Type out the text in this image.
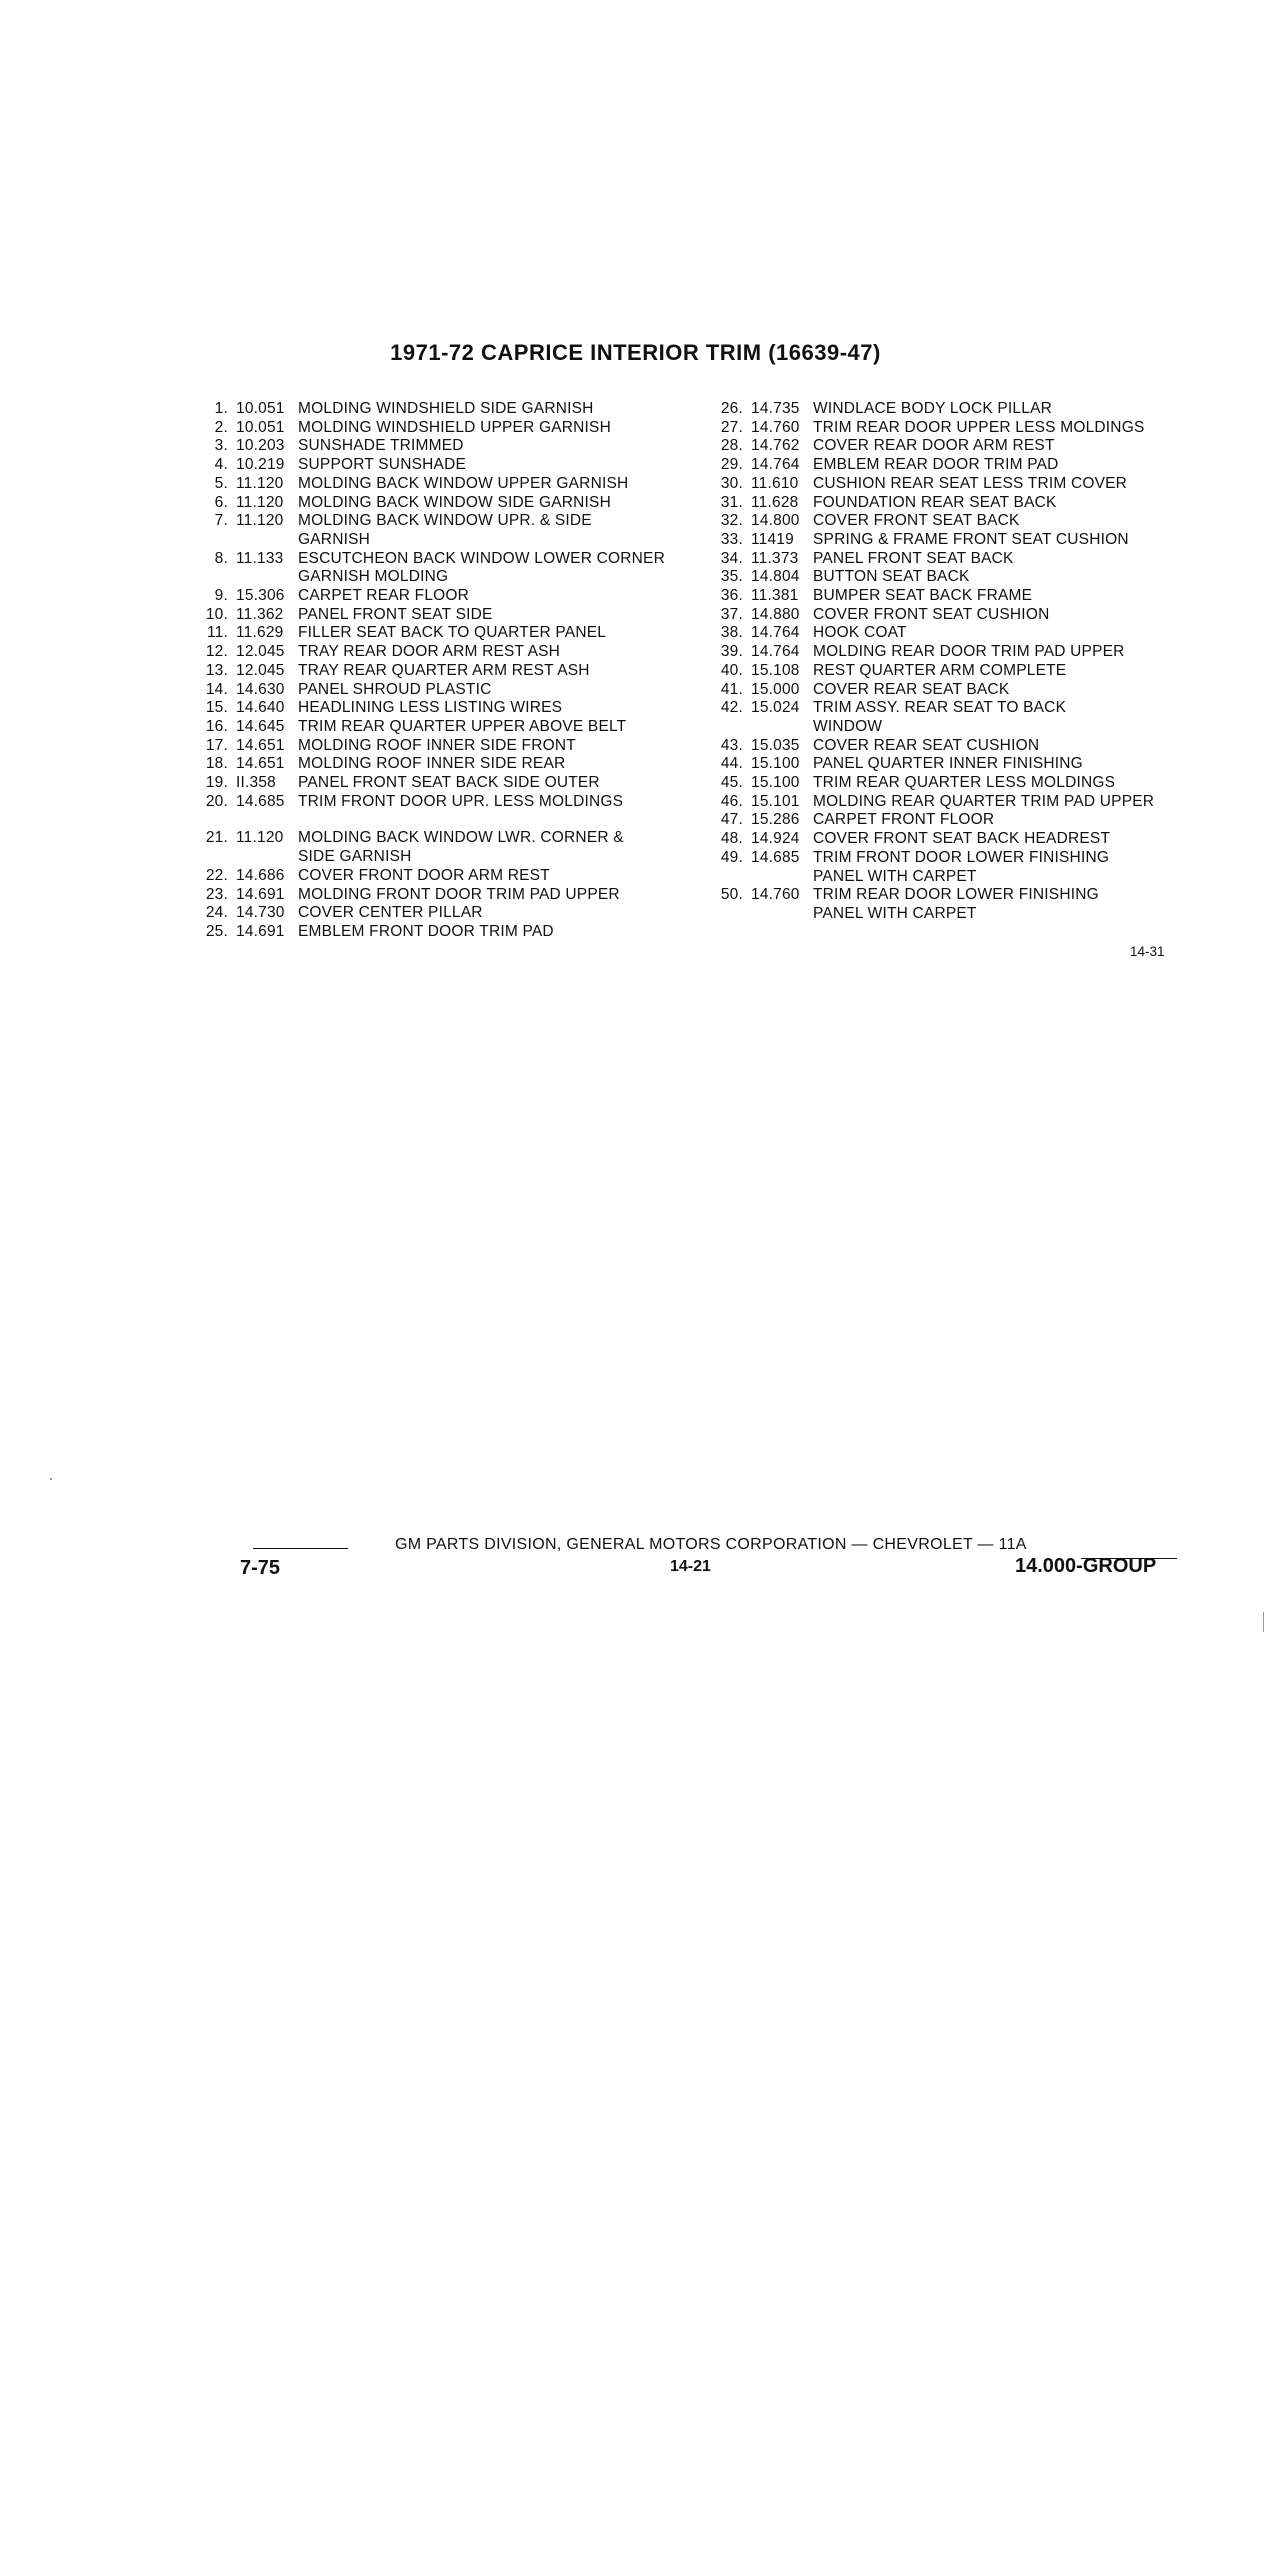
1971-72 CAPRICE INTERIOR TRIM (16639-47)
1. 10.051 MOLDING WINDSHIELD SIDE GARNISH
2. 10.051 MOLDING WINDSHIELD UPPER GARNISH
3. 10.203 SUNSHADE TRIMMED
4. 10.219 SUPPORT SUNSHADE
5. 11.120 MOLDING BACK WINDOW UPPER GARNISH
6. 11.120 MOLDING BACK WINDOW SIDE GARNISH
7. 11.120 MOLDING BACK WINDOW UPR. & SIDE
GARNISH
8. 11.133 ESCUTCHEON BACK WINDOW LOWER CORNER
GARNISH MOLDING
9. 15.306 CARPET REAR FLOOR
10. 11.362 PANEL FRONT SEAT SIDE
11. 11.629 FILLER SEAT BACK TO QUARTER PANEL
12. 12.045 TRAY REAR DOOR ARM REST ASH
13. 12.045 TRAY REAR QUARTER ARM REST ASH
14. 14.630 PANEL SHROUD PLASTIC
15. 14.640 HEADLINING LESS LISTING WIRES
16. 14.645 TRIM REAR QUARTER UPPER ABOVE BELT
17. 14.651 MOLDING ROOF INNER SIDE FRONT
18. 14.651 MOLDING ROOF INNER SIDE REAR
19. II.358	PANEL FRONT SEAT BACK SIDE OUTER
20. 14.685 TRIM FRONT DOOR UPR. LESS MOLDINGS
21. 11.120 MOLDING BACK WINDOW LWR. CORNER &
SIDE GARNISH
22. 14.686 COVER FRONT DOOR ARM REST
23. 14.691 MOLDING FRONT DOOR TRIM PAD UPPER
24. 14.730 COVER CENTER PILLAR
25. 14.691 EMBLEM FRONT DOOR TRIM PAD
26. 14.735 WINDLACE BODY LOCK PILLAR
27. 14.760 TRIM REAR DOOR UPPER LESS MOLDINGS
28. 14.762 COVER REAR DOOR ARM REST
29. 14.764 EMBLEM REAR DOOR TRIM PAD
30. 11.610 CUSHION REAR SEAT LESS TRIM COVER
31. 11.628 FOUNDATION REAR SEAT BACK
32. 14.800 COVER FRONT SEAT BACK
33. 11419	SPRING & FRAME FRONT SEAT CUSHION
34. 11.373 PANEL FRONT SEAT BACK
35. 14.804 BUTTON SEAT BACK
36. 11.381 BUMPER SEAT BACK FRAME
37. 14.880 COVER FRONT SEAT CUSHION
38. 14.764 HOOK COAT
39. 14.764 MOLDING REAR DOOR TRIM PAD UPPER
40. 15.108 REST QUARTER ARM COMPLETE
41. 15.000 COVER REAR SEAT BACK
42. 15.024 TRIM ASSY. REAR SEAT TO BACK
WINDOW
43. 15.035 COVER REAR SEAT CUSHION
44. 15.100 PANEL QUARTER INNER FINISHING
45. 15.100 TRIM REAR QUARTER LESS MOLDINGS
46. 15.101 MOLDING REAR QUARTER TRIM PAD UPPER
47. 15.286 CARPET FRONT FLOOR
48. 14.924 COVER FRONT SEAT BACK HEADREST
49. 14.685 TRIM FRONT DOOR LOWER FINISHING
PANEL WITH CARPET
50. 14.760 TRIM REAR DOOR LOWER FINISHING
PANEL WITH CARPET
14-31
7-75
GM PARTS DIVISION, GENERAL MOTORS CORPORATION — CHEVROLET — 11A
14-21	14.000-GROUP
